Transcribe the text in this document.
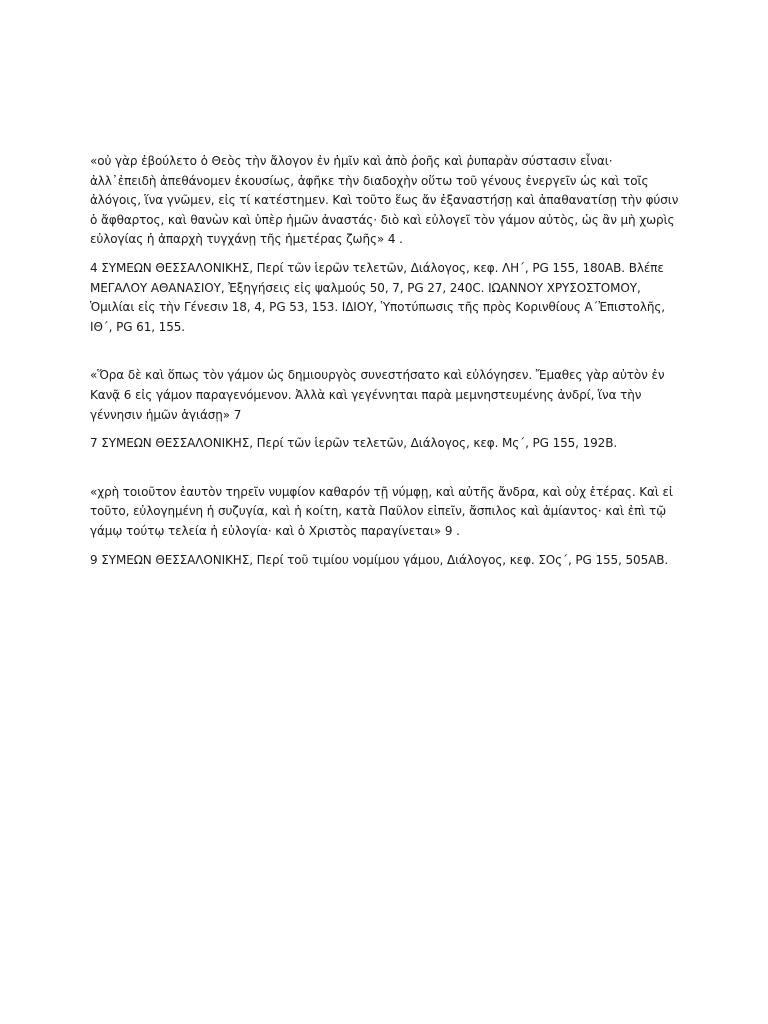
«οὐ γὰρ ἐβούλετο ὁ Θεὸς τὴν ἄλογον ἐν ἡμῖν καὶ ἀπὸ ῥοῆς καὶ ῥυπαρὰν σύστασιν εἶναι· ἀλλ᾿ἐπειδὴ ἀπεθάνομεν ἑκουσίως, ἀφῆκε τὴν διαδοχὴν οὕτω τοῦ γένους ἐνεργεῖν ὡς καὶ τοῖς ἀλόγοις, ἵνα γνῶμεν, εἰς τί κατέστημεν. Καὶ τοῦτο ἕως ἄν ἐξαναστήσῃ καὶ ἀπαθανατίσῃ τὴν φύσιν ὁ ἄφθαρτος, καὶ θανὼν καὶ ὑπὲρ ἡμῶν ἀναστάς· διὸ καὶ εὐλογεῖ τὸν γάμον αὐτὸς, ὡς ἂν μὴ χωρὶς εὐλογίας ἡ ἀπαρχὴ τυγχάνῃ τῆς ἡμετέρας ζωῆς» 4 .

4 ΣΥΜΕΩΝ ΘΕΣΣΑΛΟΝΙΚΗΣ, Περί τῶν ἱερῶν τελετῶν, Διάλογος, κεφ. ΛΗ΄, PG 155, 180AB. Βλέπε ΜΕΓΑΛΟΥ ΑΘΑΝΑΣΙΟΥ, Ἐξηγήσεις εἰς ψαλμούς 50, 7, PG 27, 240C. ΙΩΑΝΝΟΥ ΧΡΥΣΟΣΤΟΜΟΥ, Ὁμιλίαι εἰς τὴν Γένεσιν 18, 4, PG 53, 153. ΙΔΙΟΥ, Ὑποτύπωσις τῆς πρὸς Κορινθίους Α΄Ἐπιστολῆς, ΙΘ΄, PG 61, 155.

«Ὅρα δὲ καὶ ὅπως τὸν γάμον ὡς δημιουργὸς συνεστήσατο καὶ εὐλόγησεν. Ἔμαθες γὰρ αὐτὸν ἐν Κανᾷ 6 εἰς γάμον παραγενόμενον. Ἀλλὰ καὶ γεγέννηται παρὰ μεμνηστευμένης ἀνδρί, ἵνα τὴν γέννησιν ἡμῶν ἁγιάσῃ» 7

7 ΣΥΜΕΩΝ ΘΕΣΣΑΛΟΝΙΚΗΣ, Περί τῶν ἱερῶν τελετῶν, Διάλογος, κεφ. Μς΄, PG 155, 192B.

«χρὴ τοιοῦτον ἑαυτὸν τηρεῖν νυμφίον καθαρόν τῇ νύμφῃ, καὶ αὐτῆς ἄνδρα, καὶ οὐχ ἑτέρας. Καὶ εἰ τοῦτο, εὐλογημένη ἡ συζυγία, καὶ ἡ κοίτη, κατὰ Παῦλον εἰπεῖν, ἄσπιλος καὶ ἀμίαντος· καὶ ἐπὶ τῷ γάμῳ τούτῳ τελεία ἡ εὐλογία· καὶ ὁ Χριστὸς παραγίνεται» 9 .

9 ΣΥΜΕΩΝ ΘΕΣΣΑΛΟΝΙΚΗΣ, Περί τοῦ τιμίου νομίμου γάμου, Διάλογος, κεφ. ΣΟς΄, PG 155, 505AB.
